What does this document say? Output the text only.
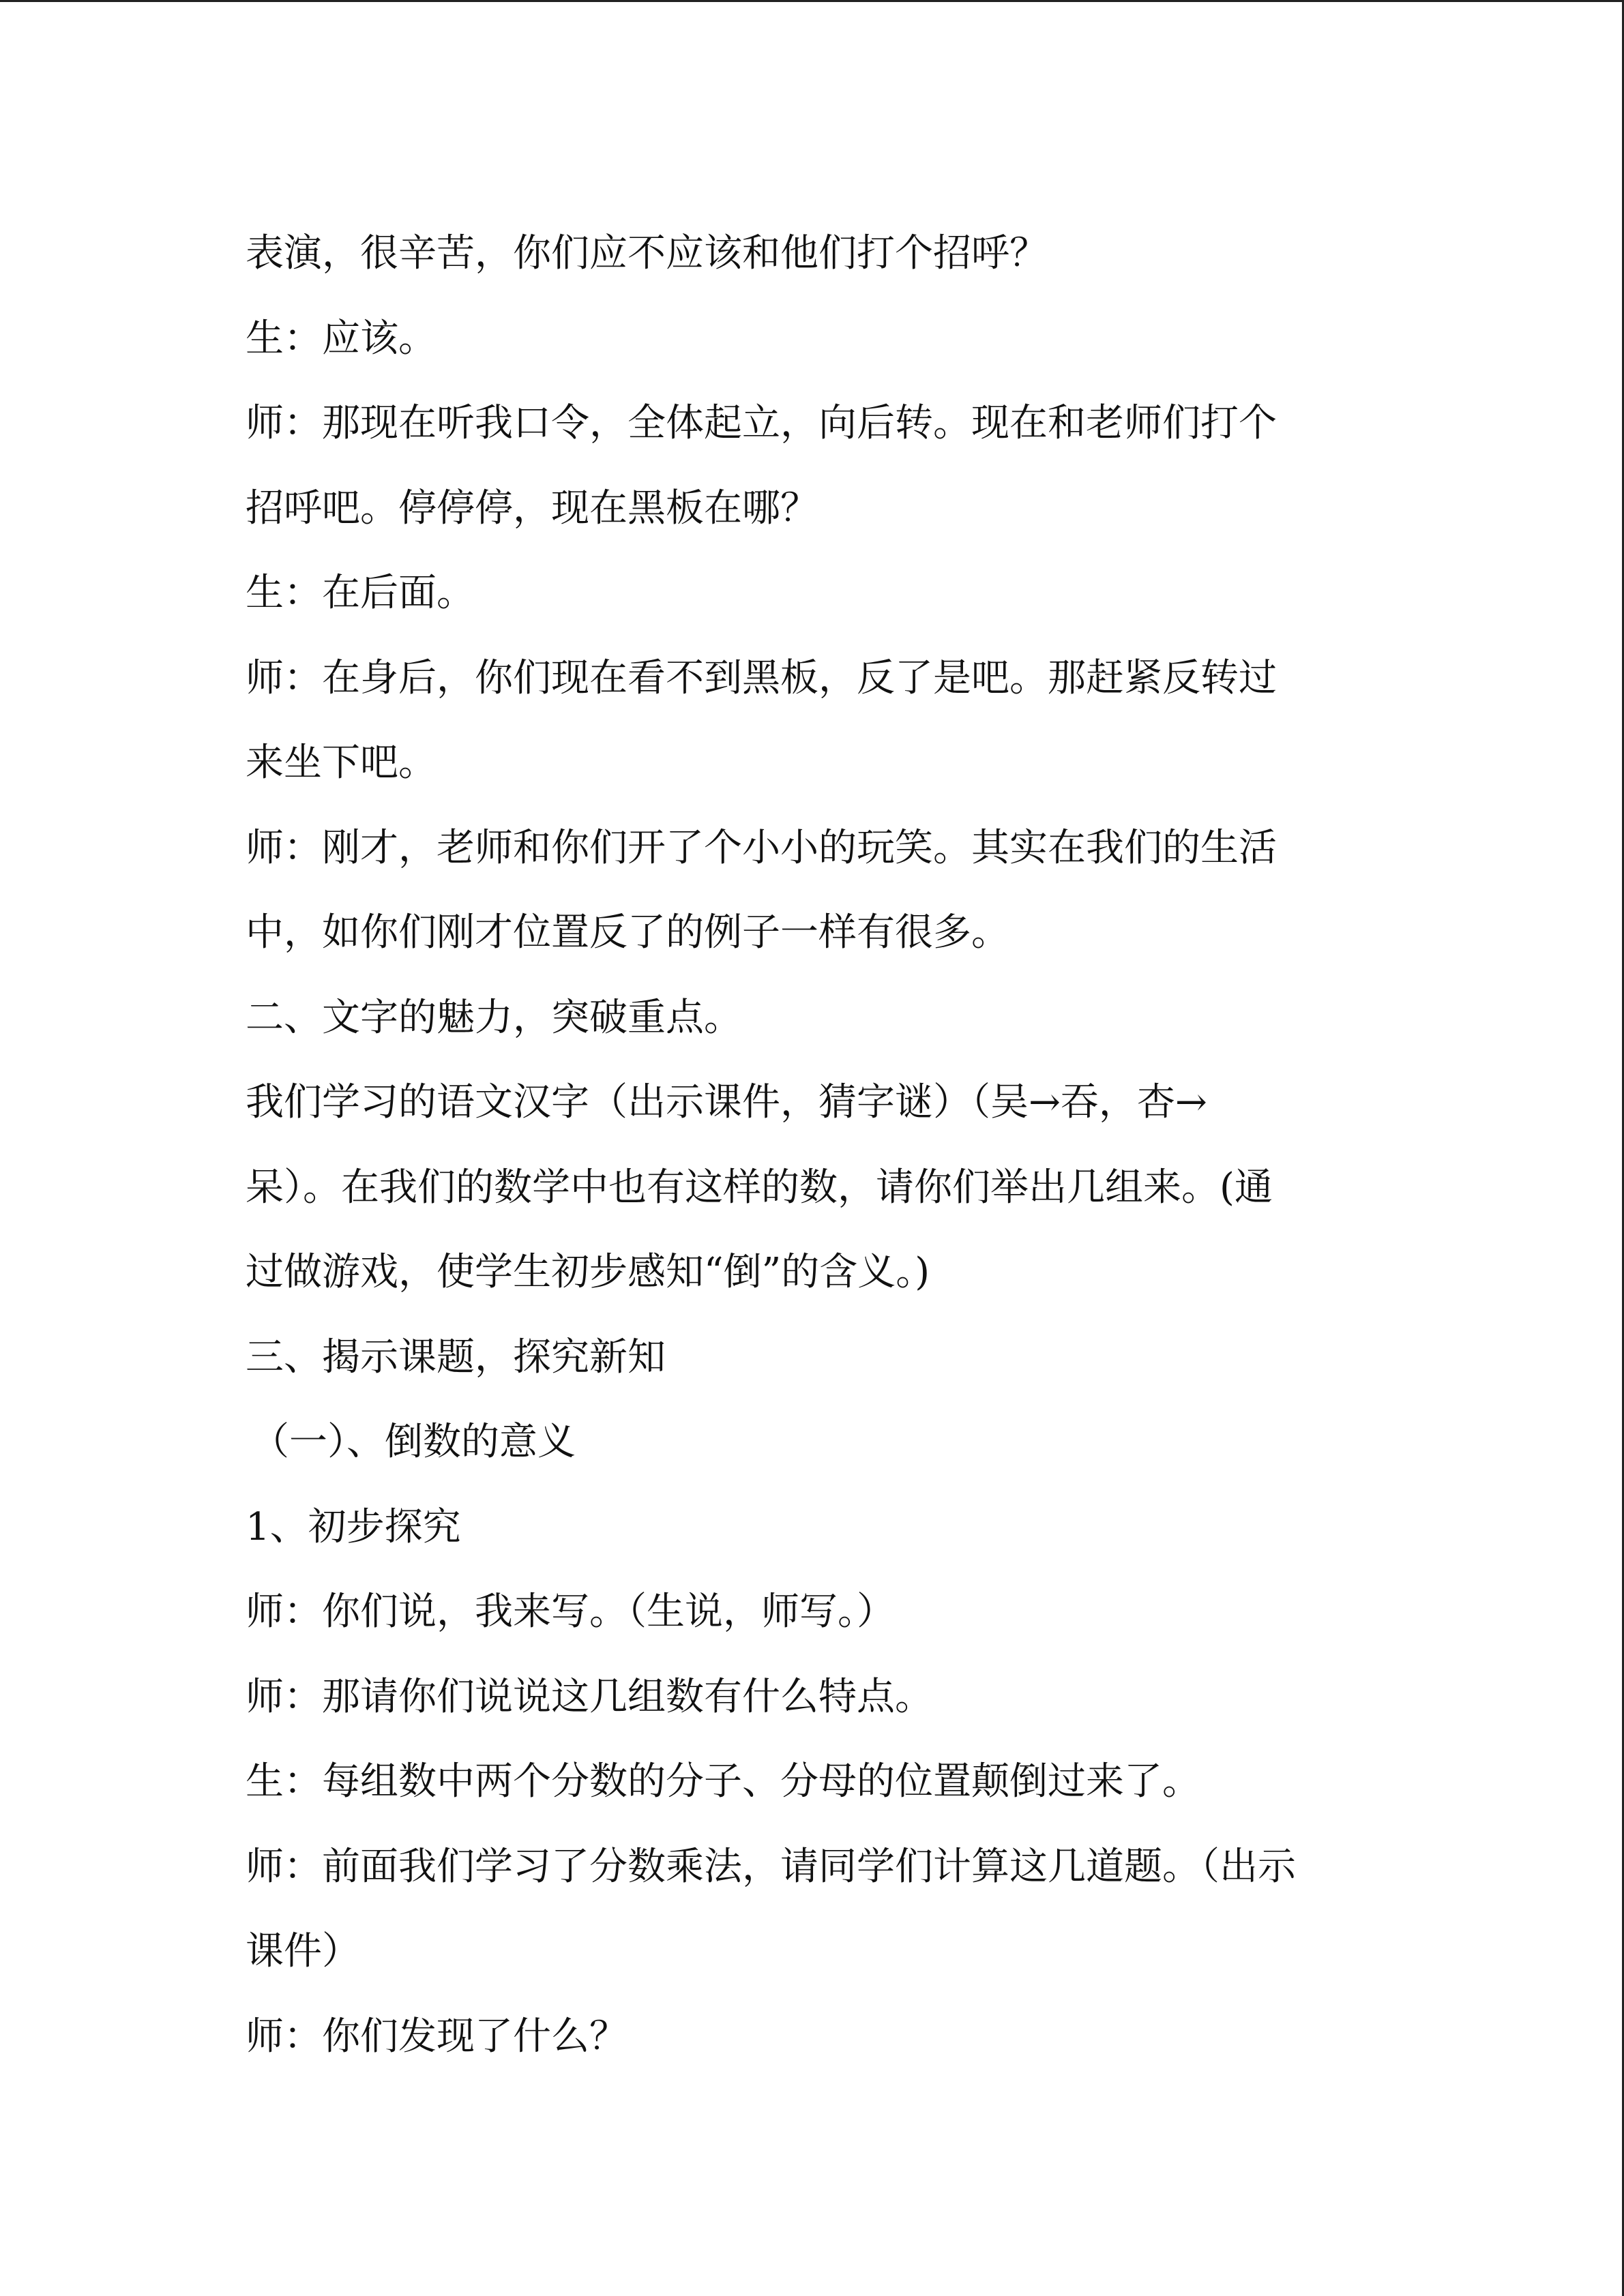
表演，很辛苦，你们应不应该和他们打个招呼？
生：应该。
师：那现在听我口令，全体起立，向后转。现在和老师们打个
招呼吧。停停停，现在黑板在哪？
生：在后面。
师：在身后，你们现在看不到黑板，反了是吧。那赶紧反转过
来坐下吧。
师：刚才，老师和你们开了个小小的玩笑。其实在我们的生活
中，如你们刚才位置反了的例子一样有很多。
二、文字的魅力，突破重点。
我们学习的语文汉字（出示课件，猜字谜）（吴→吞，杏→
呆）。在我们的数学中也有这样的数，请你们举出几组来。(通
过做游戏，使学生初步感知“倒”的含义。)
三、揭示课题，探究新知
（一）、倒数的意义
1、初步探究
师：你们说，我来写。（生说，师写。）
师：那请你们说说这几组数有什么特点。
生：每组数中两个分数的分子、分母的位置颠倒过来了。
师：前面我们学习了分数乘法，请同学们计算这几道题。（出示
课件）
师：你们发现了什么？
